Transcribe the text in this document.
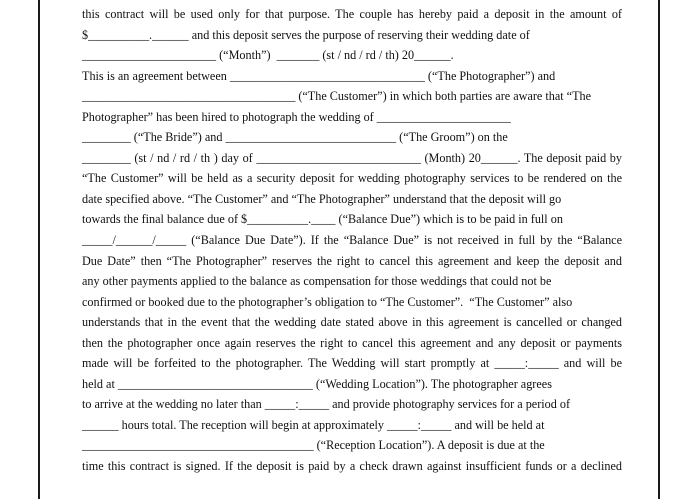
this contract will be used only for that purpose. The couple has hereby paid a deposit in the amount of
$__________.______ and this deposit serves the purpose of reserving their wedding date of
______________________ (“Month”)  _______ (st / nd / rd / th) 20______.
This is an agreement between ________________________________ (“The Photographer”) and
___________________________________ (“The Customer”) in which both parties are aware that “The
Photographer” has been hired to photograph the wedding of ______________________
________ (“The Bride”) and ____________________________ (“The Groom”) on the
________ (st / nd / rd / th ) day of ___________________________ (Month) 20______. The deposit paid by
“The Customer” will be held as a security deposit for wedding photography services to be rendered on the
date specified above. “The Customer” and “The Photographer” understand that the deposit will go
towards the final balance due of $__________.____ (“Balance Due”) which is to be paid in full on
_____/______/_____ (“Balance Due Date”). If the “Balance Due” is not received in full by the “Balance
Due Date” then “The Photographer” reserves the right to cancel this agreement and keep the deposit and
any other payments applied to the balance as compensation for those weddings that could not be
confirmed or booked due to the photographer’s obligation to “The Customer”.  “The Customer” also
understands that in the event that the wedding date stated above in this agreement is cancelled or changed
then the photographer once again reserves the right to cancel this agreement and any deposit or payments
made will be forfeited to the photographer. The Wedding will start promptly at _____:_____ and will be
held at ________________________________ (“Wedding Location”). The photographer agrees
to arrive at the wedding no later than _____:_____ and provide photography services for a period of
______ hours total. The reception will begin at approximately _____:_____ and will be held at
______________________________________ (“Reception Location”). A deposit is due at the
time this contract is signed. If the deposit is paid by a check drawn against insufficient funds or a declined
